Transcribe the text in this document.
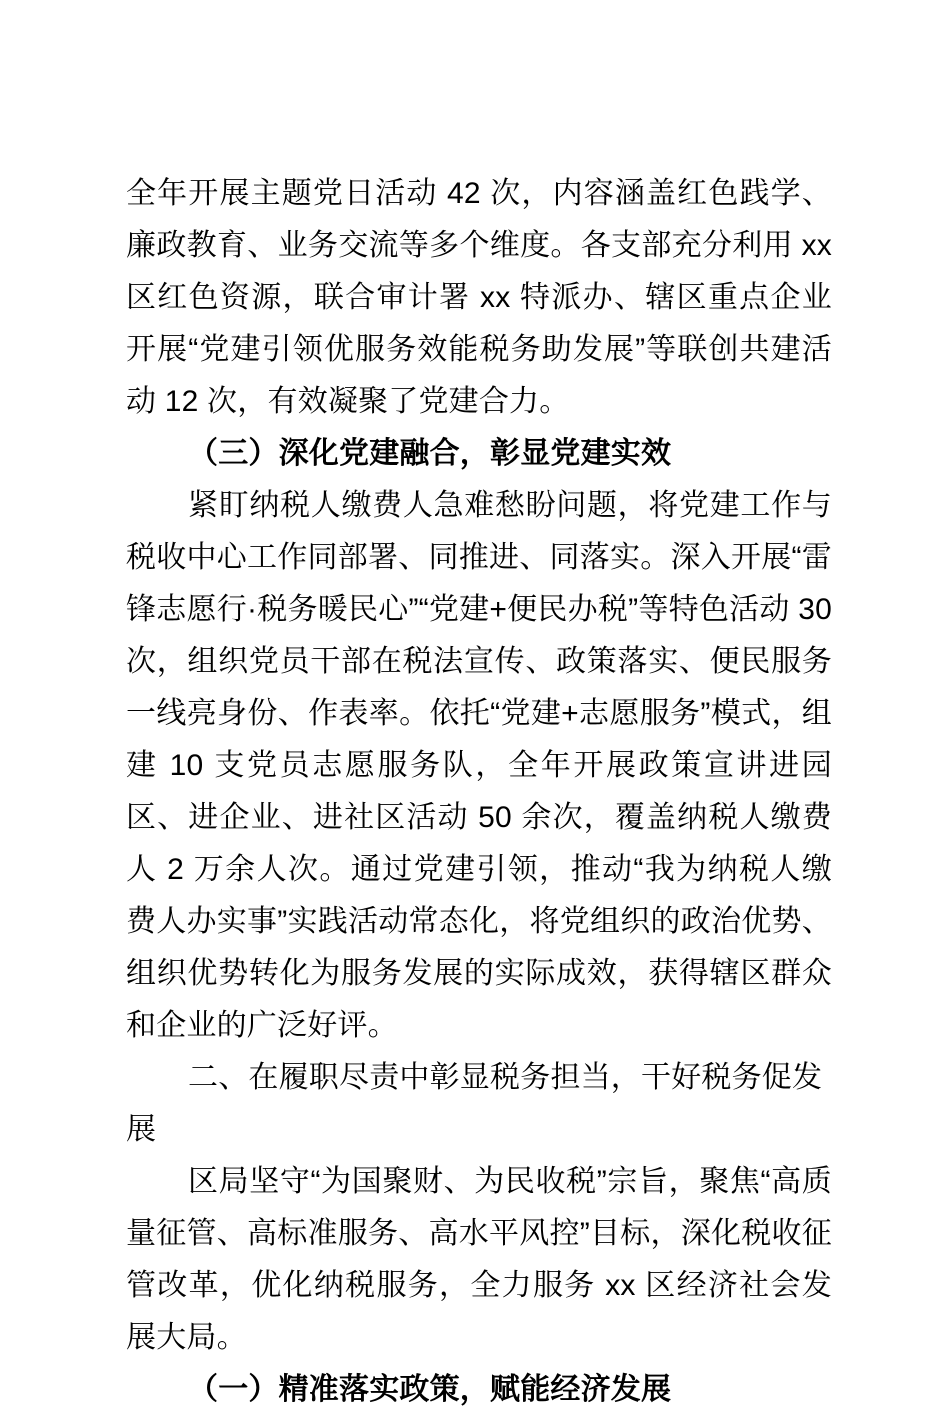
全年开展主题党日活动 42 次，内容涵盖红色践学、廉政教育、业务交流等多个维度。各支部充分利用 xx 区红色资源，联合审计署 xx 特派办、辖区重点企业开展“党建引领优服务效能税务助发展”等联创共建活动 12 次，有效凝聚了党建合力。

（三）深化党建融合，彰显党建实效

紧盯纳税人缴费人急难愁盼问题，将党建工作与税收中心工作同部署、同推进、同落实。深入开展“雷锋志愿行·税务暖民心”“党建+便民办税”等特色活动 30 次，组织党员干部在税法宣传、政策落实、便民服务一线亮身份、作表率。依托“党建+志愿服务”模式，组建 10 支党员志愿服务队，全年开展政策宣讲进园区、进企业、进社区活动 50 余次，覆盖纳税人缴费人 2 万余人次。通过党建引领，推动“我为纳税人缴费人办实事”实践活动常态化，将党组织的政治优势、组织优势转化为服务发展的实际成效，获得辖区群众和企业的广泛好评。

二、在履职尽责中彰显税务担当，干好税务促发展

区局坚守“为国聚财、为民收税”宗旨，聚焦“高质量征管、高标准服务、高水平风控”目标，深化税收征管改革，优化纳税服务，全力服务 xx 区经济社会发展大局。

（一）精准落实政策，赋能经济发展
